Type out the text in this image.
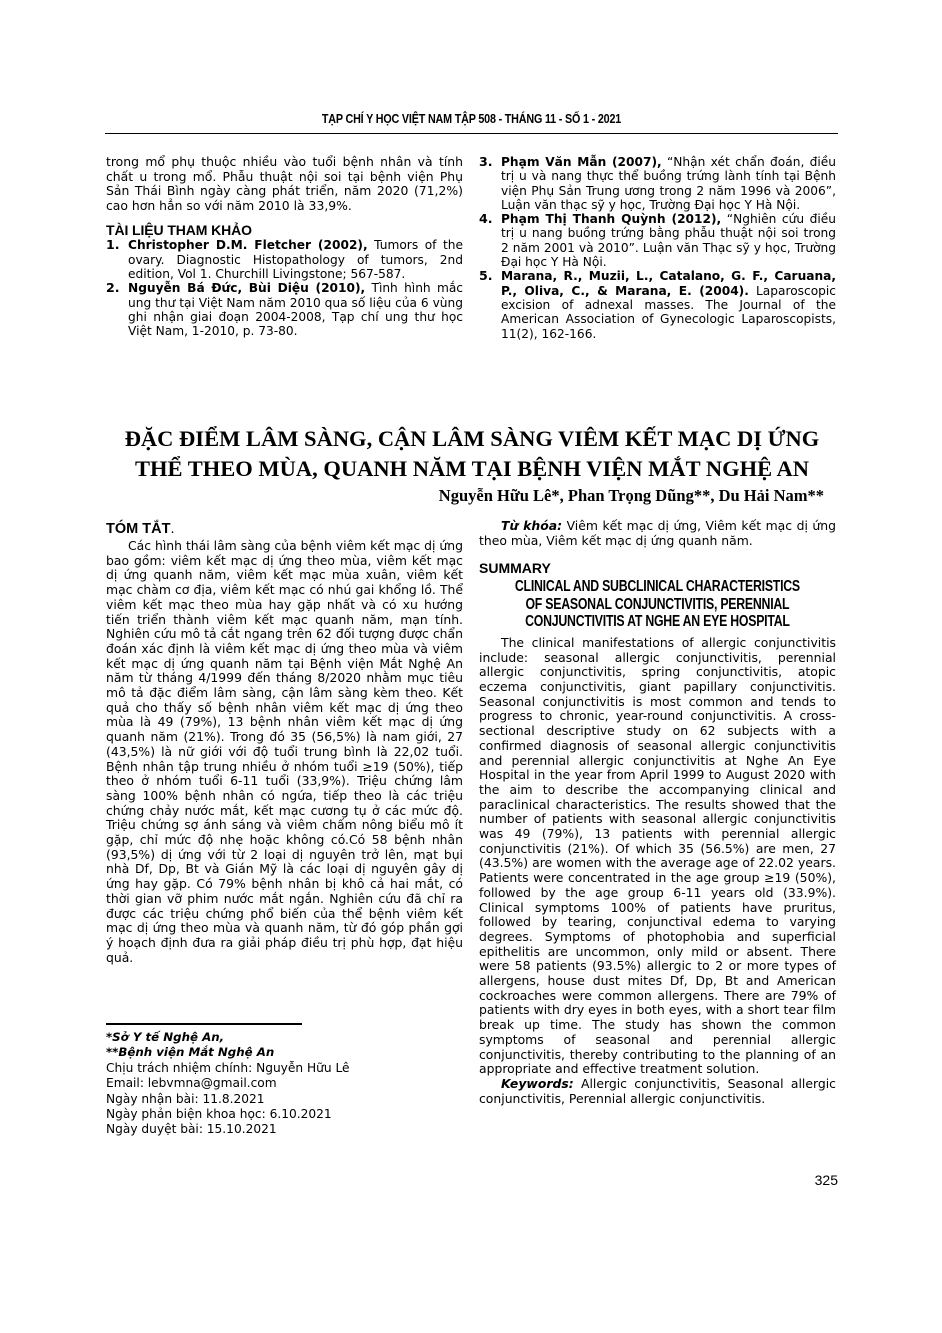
TẠP CHÍ Y HỌC VIỆT NAM TẬP 508 - THÁNG 11 - SỐ 1 - 2021

trong mổ phụ thuộc nhiều vào tuổi bệnh nhân và tính chất u trong mổ. Phẫu thuật nội soi tại bệnh viện Phụ Sản Thái Bình ngày càng phát triển, năm 2020 (71,2%) cao hơn hẳn so với năm 2010 là 33,9%.

TÀI LIỆU THAM KHẢO
1. Christopher D.M. Fletcher (2002), Tumors of the ovary. Diagnostic Histopathology of tumors, 2nd edition, Vol 1. Churchill Livingstone; 567-587.
2. Nguyễn Bá Đức, Bùi Diệu (2010), Tình hình mắc ung thư tại Việt Nam năm 2010 qua số liệu của 6 vùng ghi nhận giai đoạn 2004-2008, Tạp chí ung thư học Việt Nam, 1-2010, p. 73-80.
3. Phạm Văn Mẫn (2007), “Nhận xét chẩn đoán, điều trị u và nang thực thể buồng trứng lành tính tại Bệnh viện Phụ Sản Trung ương trong 2 năm 1996 và 2006”, Luận văn thạc sỹ y học, Trường Đại học Y Hà Nội.
4. Phạm Thị Thanh Quỳnh (2012), “Nghiên cứu điều trị u nang buồng trứng bằng phẫu thuật nội soi trong 2 năm 2001 và 2010”. Luận văn Thạc sỹ y học, Trường Đại học Y Hà Nội.
5. Marana, R., Muzii, L., Catalano, G. F., Caruana, P., Oliva, C., & Marana, E. (2004). Laparoscopic excision of adnexal masses. The Journal of the American Association of Gynecologic Laparoscopists, 11(2), 162-166.
ĐẶC ĐIỂM LÂM SÀNG, CẬN LÂM SÀNG VIÊM KẾT MẠC DỊ ỨNG
THỂ THEO MÙA, QUANH NĂM TẠI BỆNH VIỆN MẮT NGHỆ AN
Nguyễn Hữu Lê*, Phan Trọng Dũng**, Du Hải Nam**
TÓM TẮT.

Các hình thái lâm sàng của bệnh viêm kết mạc dị ứng bao gồm: viêm kết mạc dị ứng theo mùa, viêm kết mạc dị ứng quanh năm, viêm kết mạc mùa xuân, viêm kết mạc chàm cơ địa, viêm kết mạc có nhú gai khổng lồ. Thể viêm kết mạc theo mùa hay gặp nhất và có xu hướng tiến triển thành viêm kết mạc quanh năm, mạn tính. Nghiên cứu mô tả cắt ngang trên 62 đối tượng được chẩn đoán xác định là viêm kết mạc dị ứng theo mùa và viêm kết mạc dị ứng quanh năm tại Bệnh viện Mắt Nghệ An năm từ tháng 4/1999 đến tháng 8/2020 nhằm mục tiêu mô tả đặc điểm lâm sàng, cận lâm sàng kèm theo. Kết quả cho thấy số bệnh nhân viêm kết mạc dị ứng theo mùa là 49 (79%), 13 bệnh nhân viêm kết mạc dị ứng quanh năm (21%). Trong đó 35 (56,5%) là nam giới, 27 (43,5%) là nữ giới với độ tuổi trung bình là 22,02 tuổi. Bệnh nhân tập trung nhiều ở nhóm tuổi ≥19 (50%), tiếp theo ở nhóm tuổi 6-11 tuổi (33,9%). Triệu chứng lâm sàng 100% bệnh nhân có ngứa, tiếp theo là các triệu chứng chảy nước mắt, kết mạc cương tụ ở các mức độ. Triệu chứng sợ ánh sáng và viêm chấm nông biểu mô ít gặp, chỉ mức độ nhẹ hoặc không có.Có 58 bệnh nhân (93,5%) dị ứng với từ 2 loại dị nguyên trở lên, mạt bụi nhà Df, Dp, Bt và Gián Mỹ là các loại dị nguyên gây dị ứng hay gặp. Có 79% bệnh nhân bị khô cả hai mắt, có thời gian vỡ phim nước mắt ngắn. Nghiên cứu đã chỉ ra được các triệu chứng phổ biến của thể bệnh viêm kết mạc dị ứng theo mùa và quanh năm, từ đó góp phần gợi ý hoạch định đưa ra giải pháp điều trị phù hợp, đạt hiệu quả.

Từ khóa: Viêm kết mạc dị ứng, Viêm kết mạc dị ứng theo mùa, Viêm kết mạc dị ứng quanh năm.

SUMMARY
CLINICAL AND SUBCLINICAL CHARACTERISTICS
OF SEASONAL CONJUNCTIVITIS, PERENNIAL
CONJUNCTIVITIS AT NGHE AN EYE HOSPITAL

The clinical manifestations of allergic conjunctivitis include: seasonal allergic conjunctivitis, perennial allergic conjunctivitis, spring conjunctivitis, atopic eczema conjunctivitis, giant papillary conjunctivitis. Seasonal conjunctivitis is most common and tends to progress to chronic, year-round conjunctivitis. A cross-sectional descriptive study on 62 subjects with a confirmed diagnosis of seasonal allergic conjunctivitis and perennial allergic conjunctivitis at Nghe An Eye Hospital in the year from April 1999 to August 2020 with the aim to describe the accompanying clinical and paraclinical characteristics. The results showed that the number of patients with seasonal allergic conjunctivitis was 49 (79%), 13 patients with perennial allergic conjunctivitis (21%). Of which 35 (56.5%) are men, 27 (43.5%) are women with the average age of 22.02 years. Patients were concentrated in the age group ≥19 (50%), followed by the age group 6-11 years old (33.9%). Clinical symptoms 100% of patients have pruritus, followed by tearing, conjunctival edema to varying degrees. Symptoms of photophobia and superficial epithelitis are uncommon, only mild or absent. There were 58 patients (93.5%) allergic to 2 or more types of allergens, house dust mites Df, Dp, Bt and American cockroaches were common allergens. There are 79% of patients with dry eyes in both eyes, with a short tear film break up time. The study has shown the common symptoms of seasonal and perennial allergic conjunctivitis, thereby contributing to the planning of an appropriate and effective treatment solution.

Keywords: Allergic conjunctivitis, Seasonal allergic conjunctivitis, Perennial allergic conjunctivitis.

*Sở Y tế Nghệ An,
**Bệnh viện Mắt Nghệ An
Chịu trách nhiệm chính: Nguyễn Hữu Lê
Email: lebvmna@gmail.com
Ngày nhận bài: 11.8.2021
Ngày phản biện khoa học: 6.10.2021
Ngày duyệt bài: 15.10.2021
325
